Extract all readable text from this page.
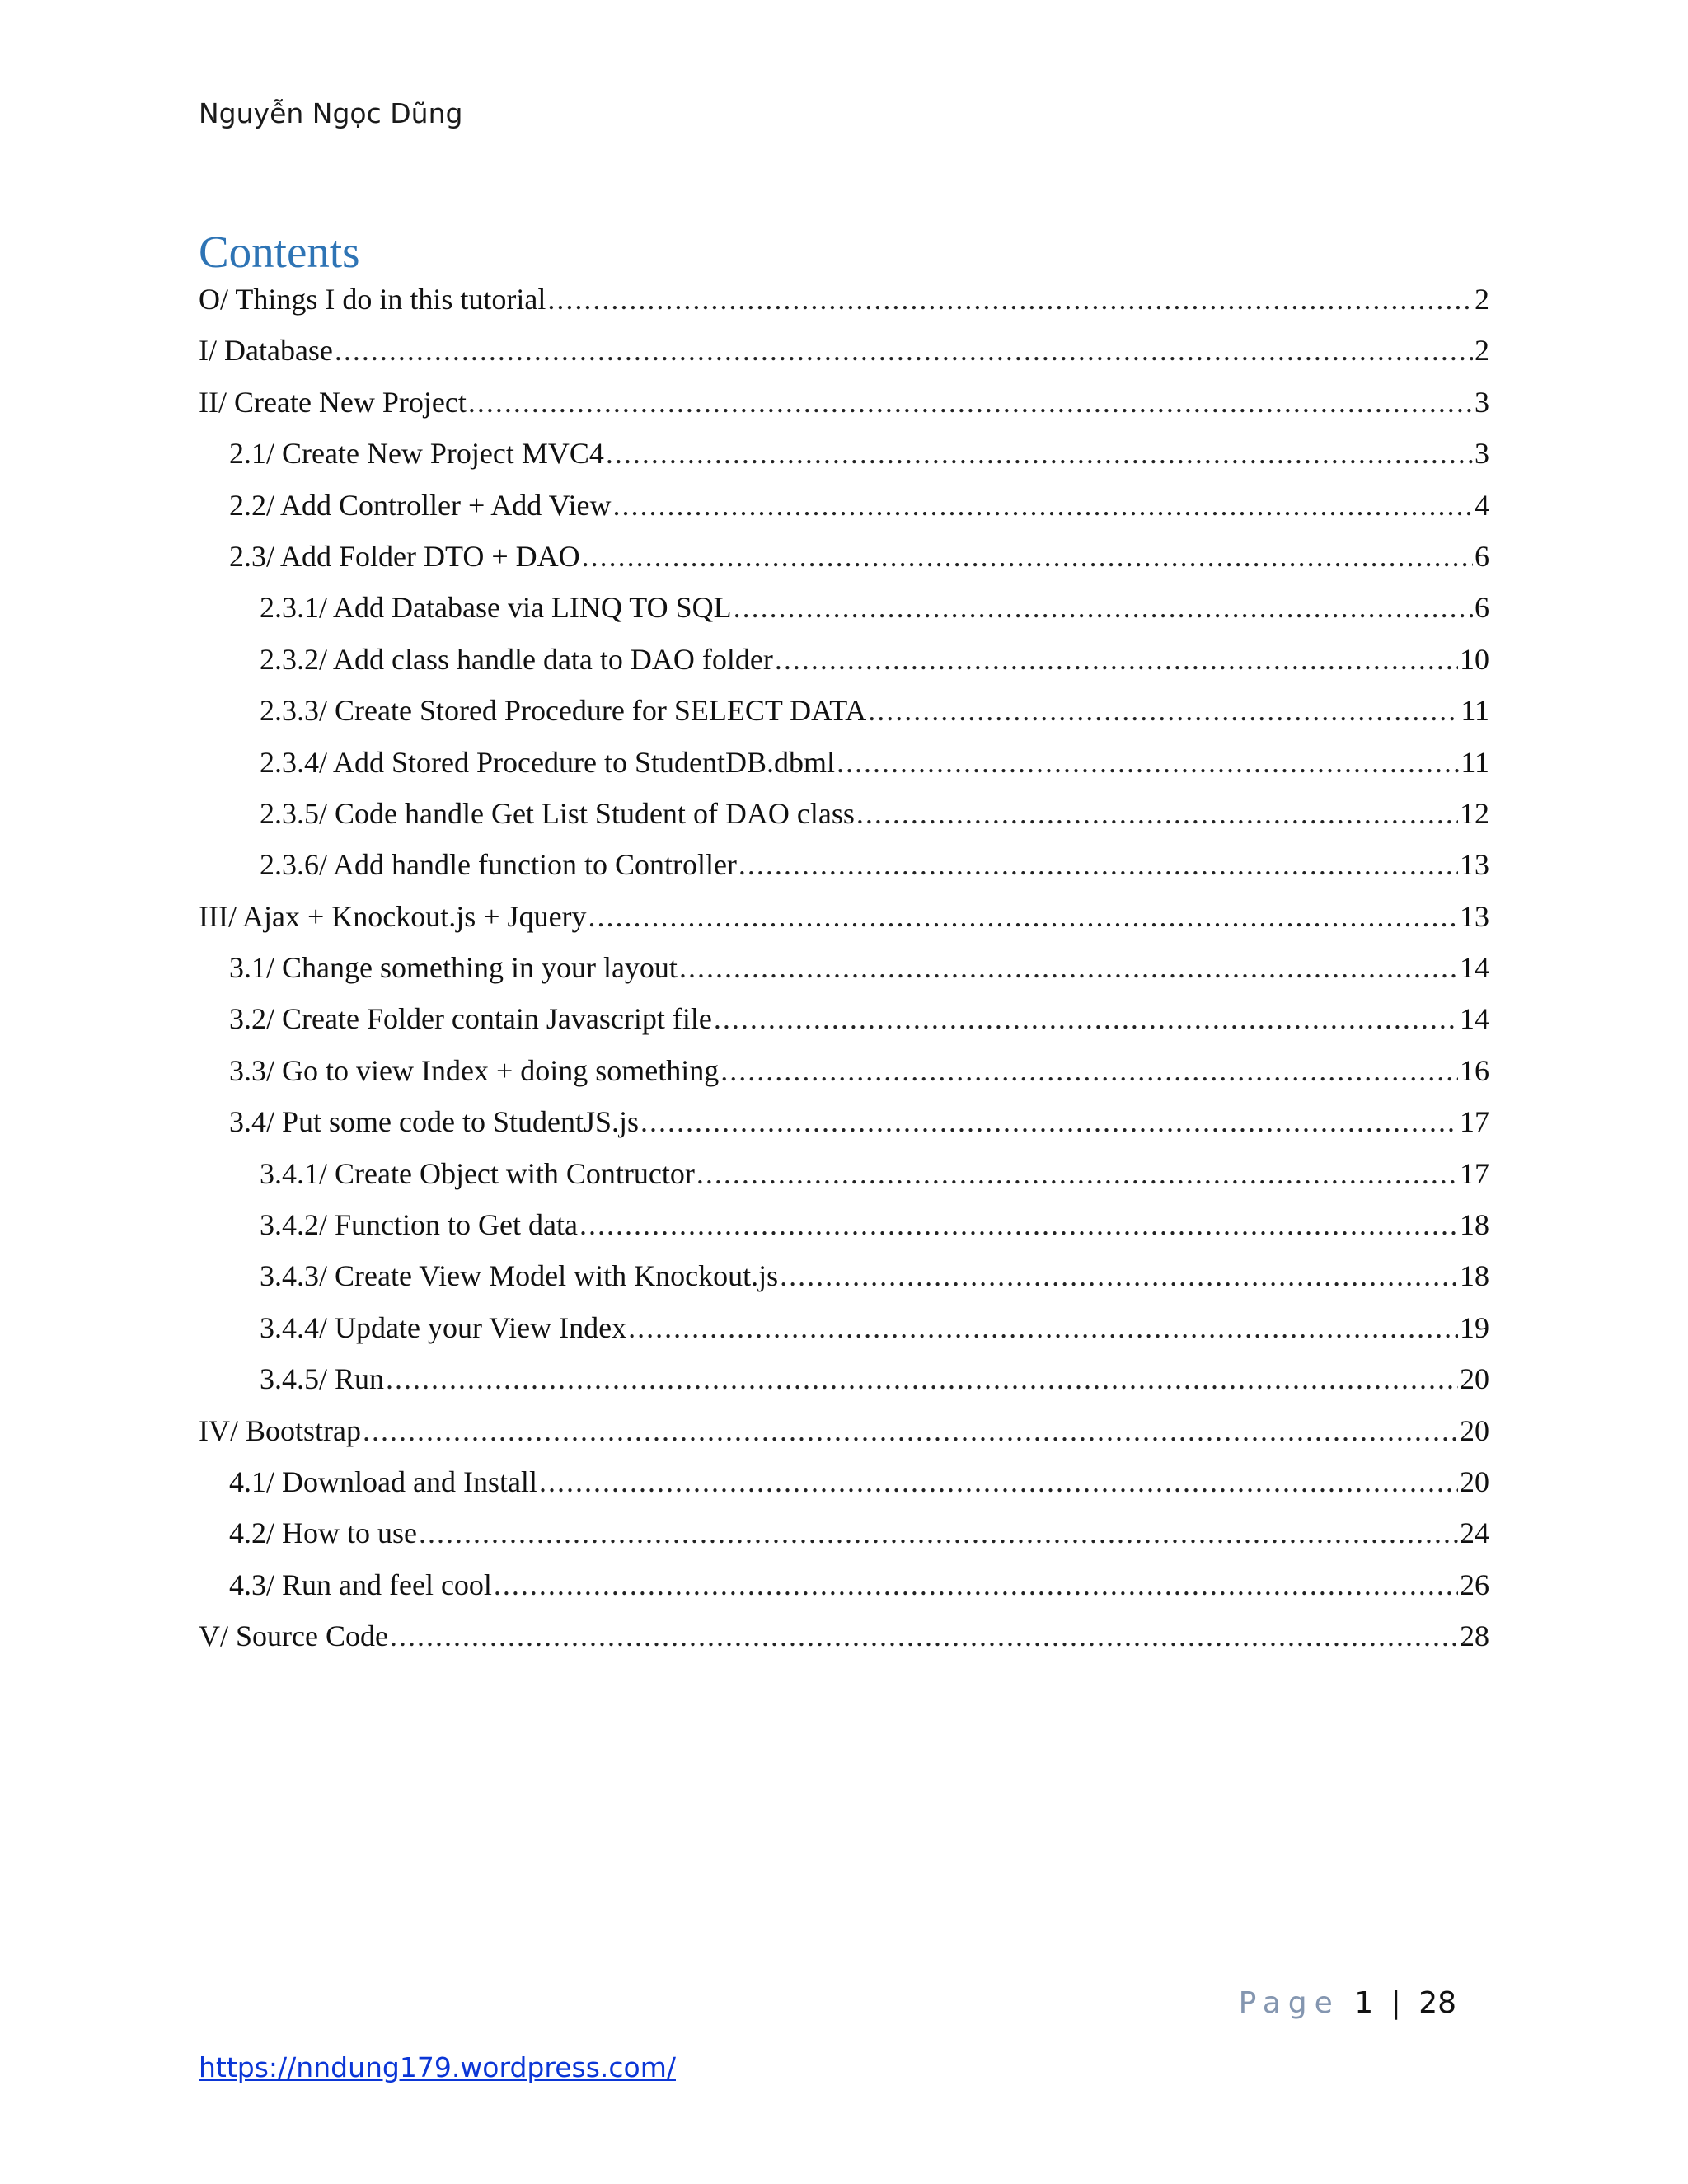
Nguyễn Ngọc Dũng
Contents
O/ Things I do in this tutorial .....	2
I/ Database .....	2
II/ Create New Project .....	3
2.1/ Create New Project MVC4 .....	3
2.2/ Add Controller + Add View .....	4
2.3/ Add Folder DTO + DAO .....	6
2.3.1/ Add Database via LINQ TO SQL .....	6
2.3.2/ Add class handle data to DAO folder .....	10
2.3.3/ Create Stored Procedure for SELECT DATA .....	11
2.3.4/ Add Stored Procedure to StudentDB.dbml .....	11
2.3.5/ Code handle Get List Student of DAO class .....	12
2.3.6/ Add handle function to Controller .....	13
III/ Ajax + Knockout.js + Jquery .....	13
3.1/ Change something in your layout .....	14
3.2/ Create Folder contain Javascript file .....	14
3.3/ Go to view Index + doing something .....	16
3.4/ Put some code to StudentJS.js .....	17
3.4.1/ Create Object with Contructor .....	17
3.4.2/ Function to Get data .....	18
3.4.3/ Create View Model with Knockout.js .....	18
3.4.4/ Update your View Index .....	19
3.4.5/ Run .....	20
IV/ Bootstrap .....	20
4.1/ Download and Install .....	20
4.2/ How to use .....	24
4.3/ Run and feel cool .....	26
V/ Source Code .....	28
Page 1 | 28
https://nndung179.wordpress.com/
